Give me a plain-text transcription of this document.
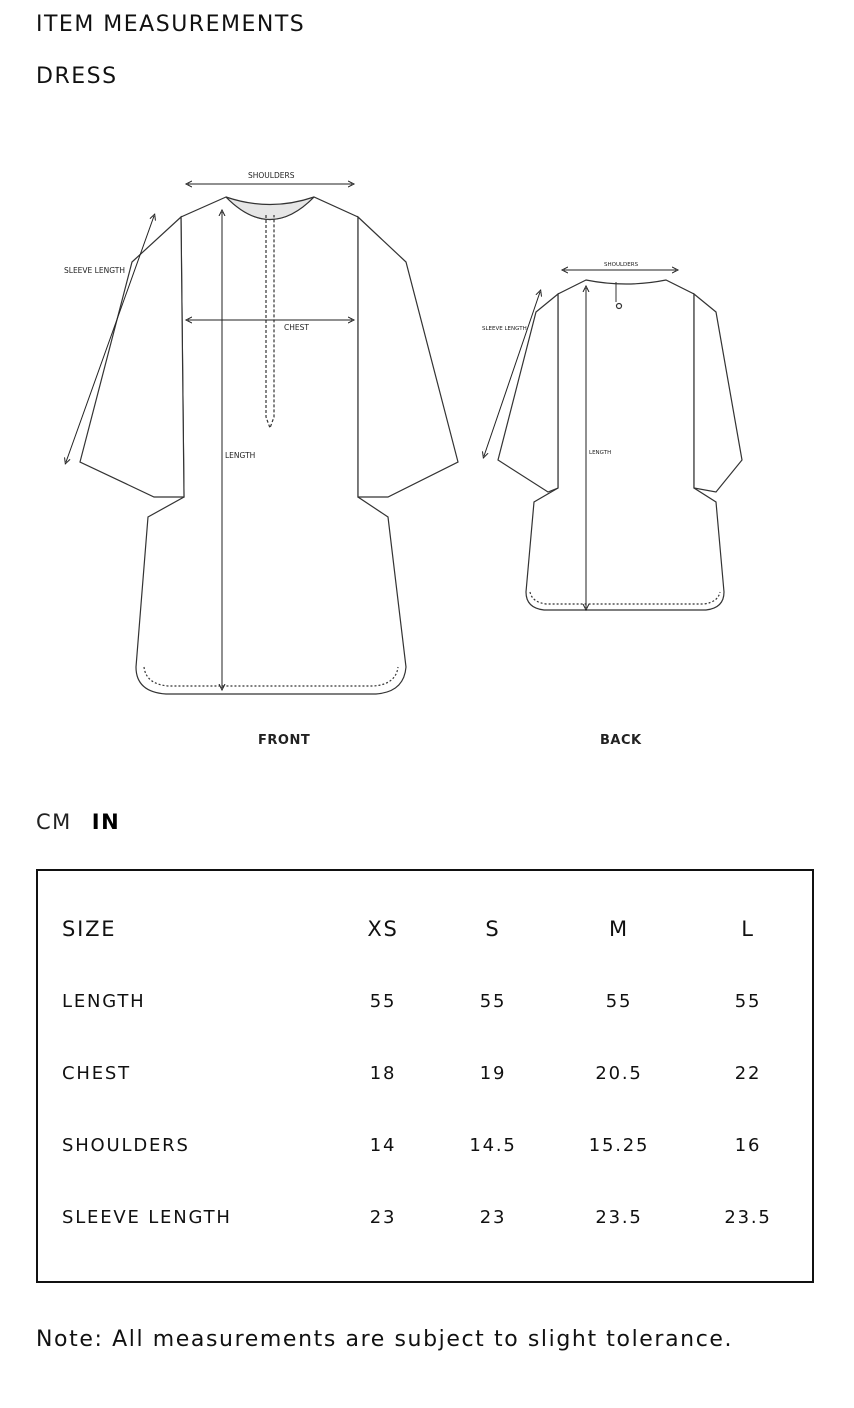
ITEM MEASUREMENTS
DRESS
SHOULDERS
SLEEVE LENGTH
CHEST
LENGTH
FRONT
SHOULDERS
SLEEVE LENGTH
LENGTH
BACK
CM IN
SIZE	XS	S	M	L
LENGTH	55	55	55	55
CHEST	18	19	20.5	22
SHOULDERS	14	14.5	15.25	16
SLEEVE LENGTH	23	23	23.5	23.5

Note: All measurements are subject to slight tolerance.
